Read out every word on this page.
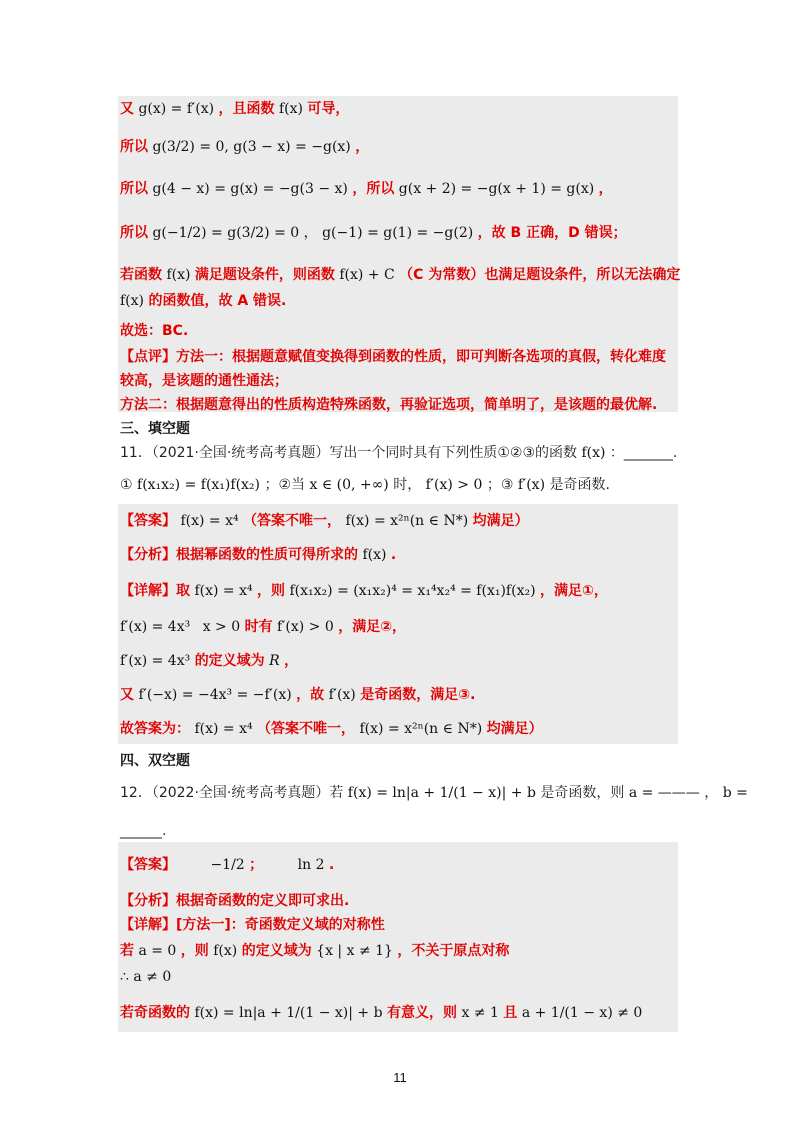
又 g(x) = f′(x) ，且函数 f(x) 可导，
所以 g(3/2) = 0, g(3 − x) = −g(x) ，
所以 g(4 − x) = g(x) = −g(3 − x) ，所以 g(x + 2) = −g(x + 1) = g(x) ，
所以 g(−1/2) = g(3/2) = 0 ， g(−1) = g(1) = −g(2) ，故 B 正确，D 错误；
若函数 f(x) 满足题设条件，则函数 f(x) + C （C 为常数）也满足题设条件，所以无法确定
f(x) 的函数值，故 A 错误.
故选：BC.
【点评】方法一：根据题意赋值变换得到函数的性质，即可判断各选项的真假，转化难度
较高，是该题的通性通法；
方法二：根据题意得出的性质构造特殊函数，再验证选项，简单明了，是该题的最优解.
三、填空题
11．（2021·全国·统考高考真题）写出一个同时具有下列性质①②③的函数 f(x) ：_______.
① f(x₁x₂) = f(x₁)f(x₂) ；②当 x ∈ (0, +∞) 时， f′(x) > 0 ；③ f′(x) 是奇函数.
【答案】 f(x) = x⁴ （答案不唯一， f(x) = x²ⁿ(n ∈ N*) 均满足）
【分析】根据幂函数的性质可得所求的 f(x) .
【详解】取 f(x) = x⁴ ，则 f(x₁x₂) = (x₁x₂)⁴ = x₁⁴x₂⁴ = f(x₁)f(x₂) ，满足①，
f′(x) = 4x³ x > 0 时有 f′(x) > 0 ，满足②，
f′(x) = 4x³ 的定义域为 R ，
又 f′(−x) = −4x³ = −f′(x) ，故 f′(x) 是奇函数，满足③.
故答案为： f(x) = x⁴ （答案不唯一， f(x) = x²ⁿ(n ∈ N*) 均满足）
四、双空题
12．（2022·全国·统考高考真题）若 f(x) = ln|a + 1/(1 − x)| + b 是奇函数，则 a = ——— ， b =
______.
【答案】 −1/2 ； ln 2 .
【分析】根据奇函数的定义即可求出.
【详解】[方法一]：奇函数定义域的对称性
若 a = 0 ，则 f(x) 的定义域为 {x | x ≠ 1} ，不关于原点对称
∴ a ≠ 0
若奇函数的 f(x) = ln|a + 1/(1 − x)| + b 有意义，则 x ≠ 1 且 a + 1/(1 − x) ≠ 0
11
